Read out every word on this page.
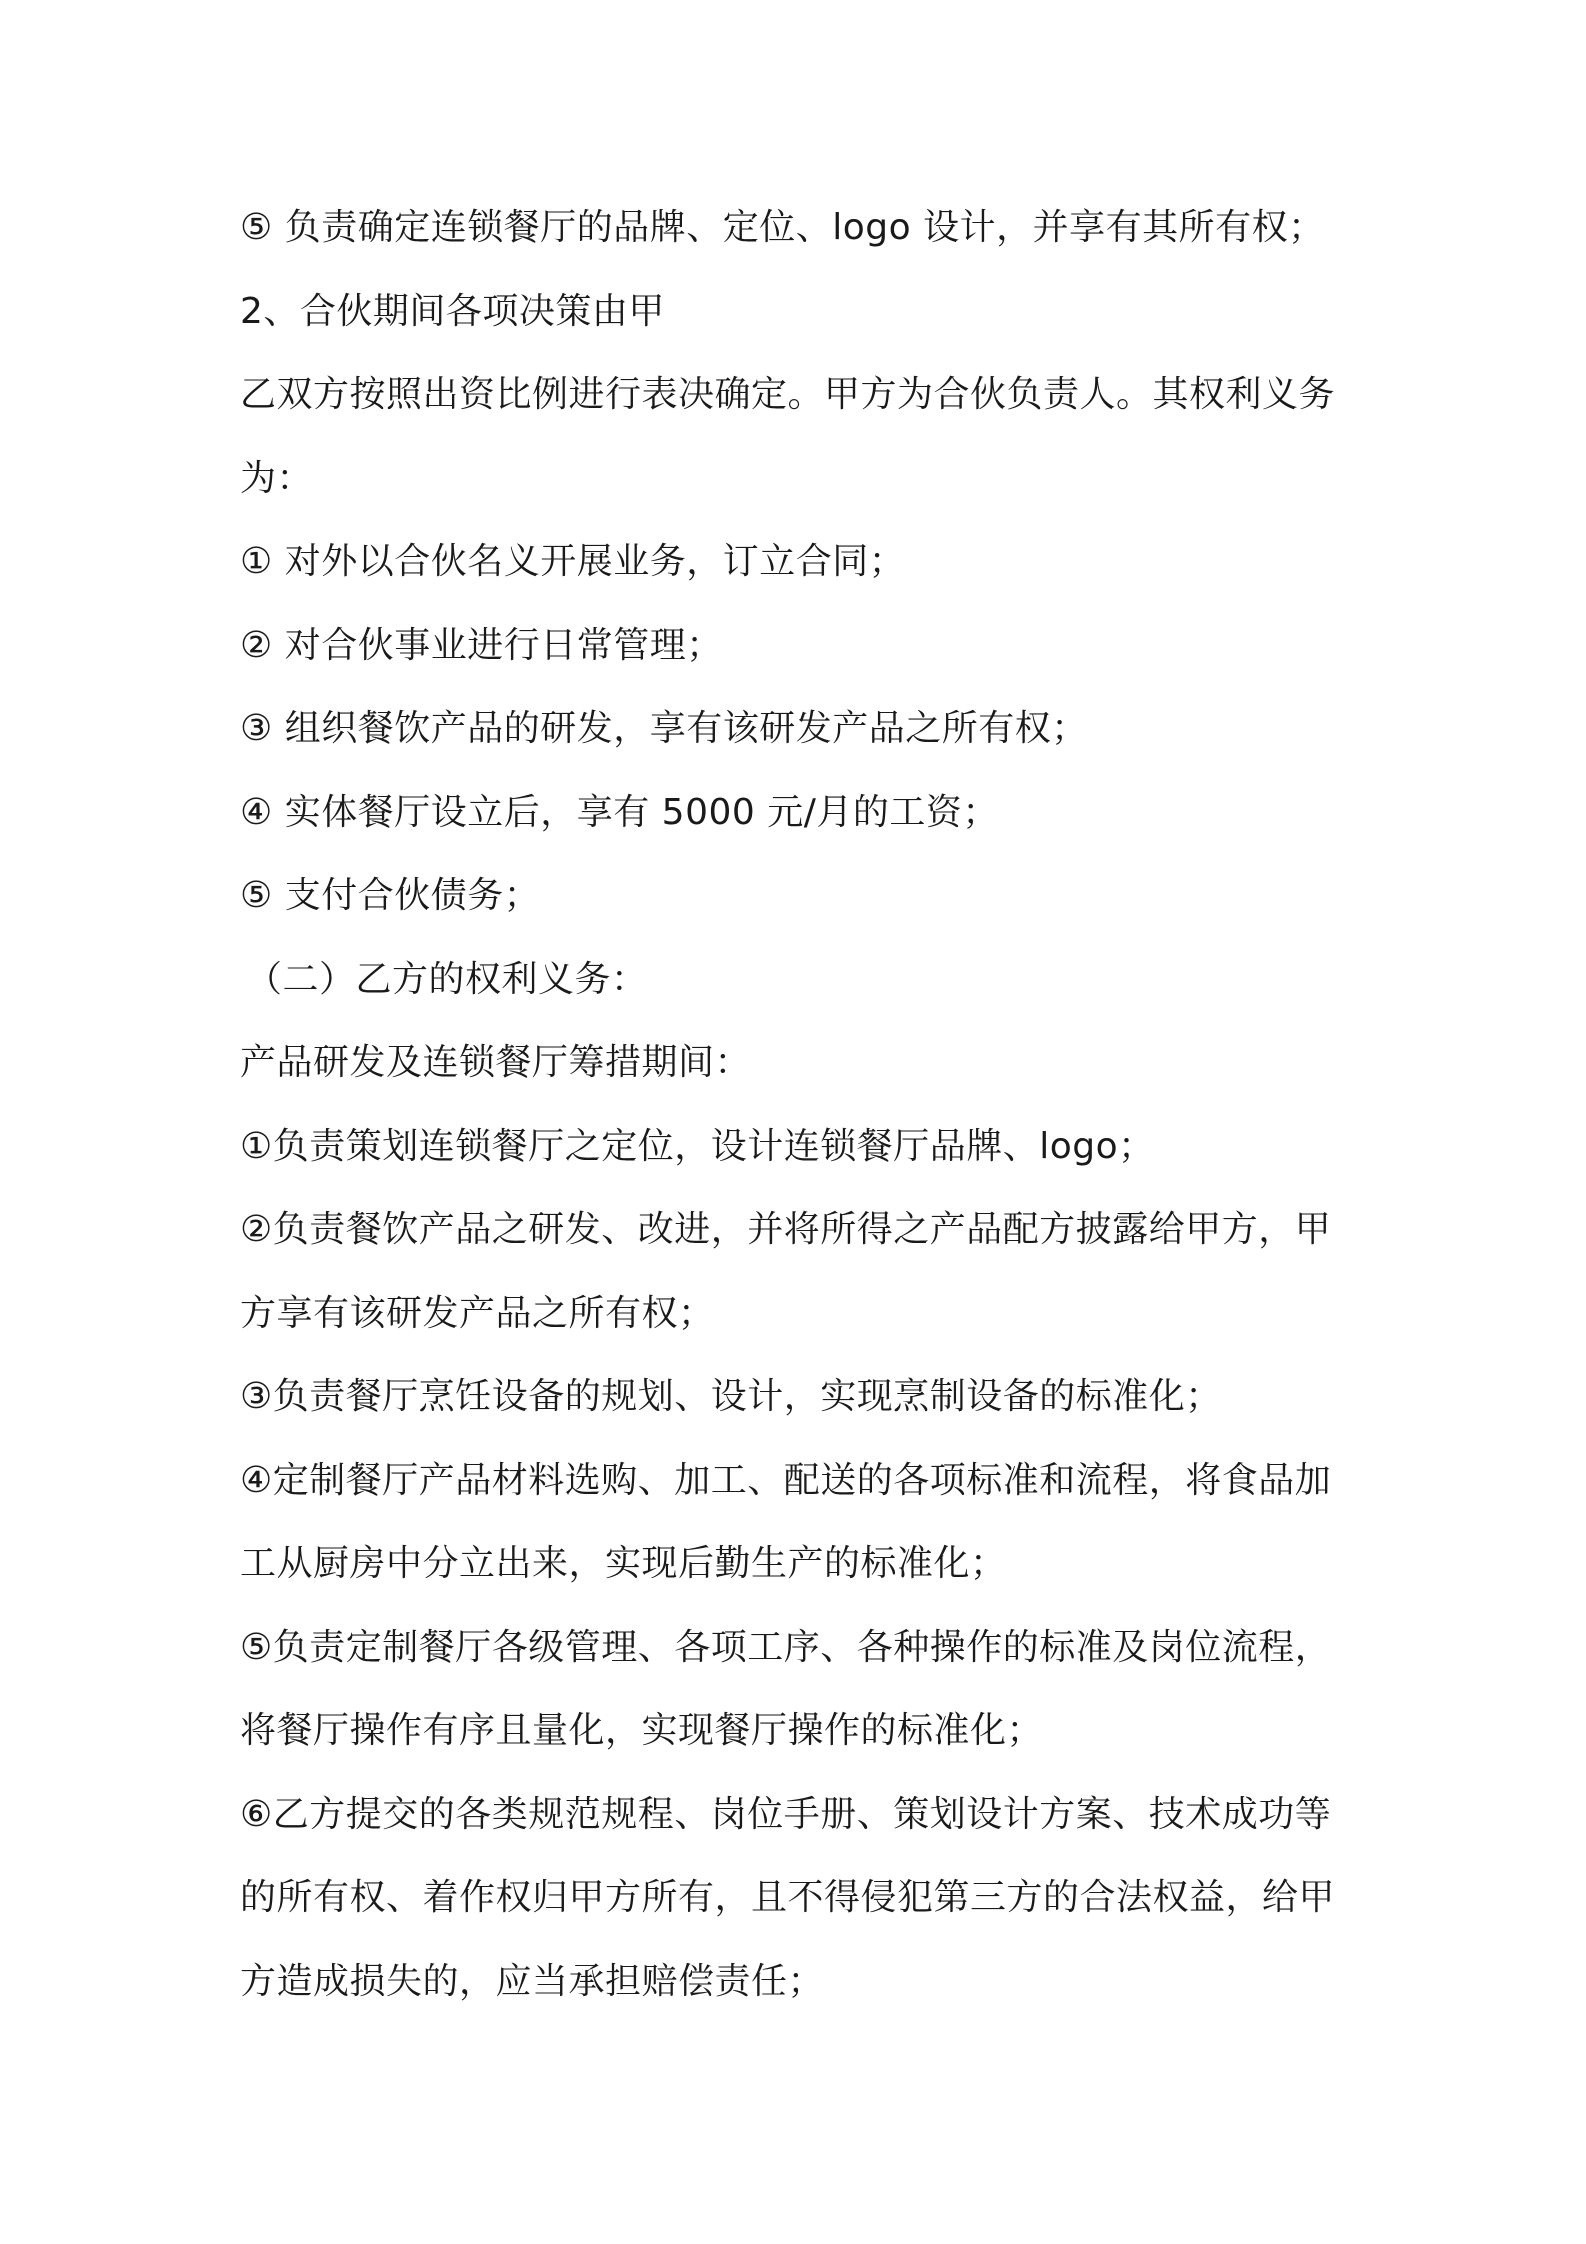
⑤ 负责确定连锁餐厅的品牌、定位、logo 设计，并享有其所有权；
2、合伙期间各项决策由甲
乙双方按照出资比例进行表决确定。甲方为合伙负责人。其权利义务
为：
① 对外以合伙名义开展业务，订立合同；
② 对合伙事业进行日常管理；
③ 组织餐饮产品的研发，享有该研发产品之所有权；
④ 实体餐厅设立后，享有 5000 元/月的工资；
⑤ 支付合伙债务；
（二）乙方的权利义务：
产品研发及连锁餐厅筹措期间：
①负责策划连锁餐厅之定位，设计连锁餐厅品牌、logo；
②负责餐饮产品之研发、改进，并将所得之产品配方披露给甲方，甲
方享有该研发产品之所有权；
③负责餐厅烹饪设备的规划、设计，实现烹制设备的标准化；
④定制餐厅产品材料选购、加工、配送的各项标准和流程，将食品加
工从厨房中分立出来，实现后勤生产的标准化；
⑤负责定制餐厅各级管理、各项工序、各种操作的标准及岗位流程，
将餐厅操作有序且量化，实现餐厅操作的标准化；
⑥乙方提交的各类规范规程、岗位手册、策划设计方案、技术成功等
的所有权、着作权归甲方所有，且不得侵犯第三方的合法权益，给甲
方造成损失的，应当承担赔偿责任；
